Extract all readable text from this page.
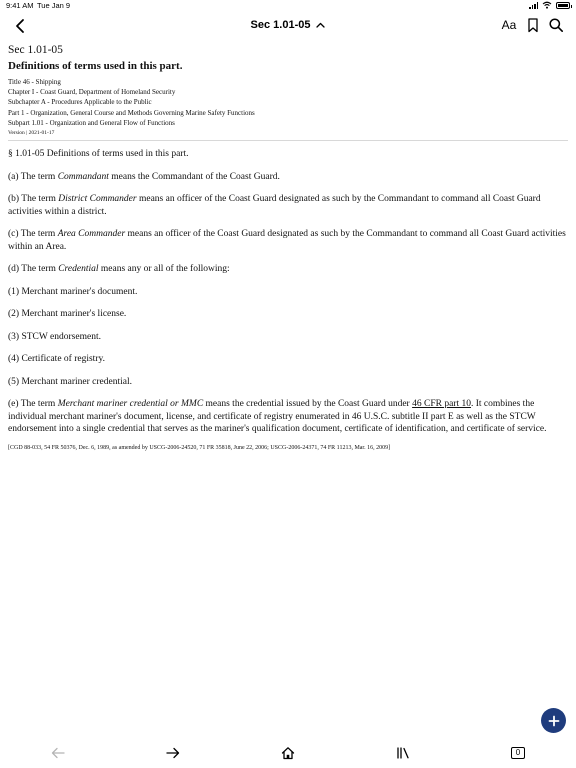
9:41 AM Tue Jan 9
Sec 1.01-05	Aa
Sec 1.01-05
Definitions of terms used in this part.
Title 46 - Shipping
Chapter I - Coast Guard, Department of Homeland Security
Subchapter A - Procedures Applicable to the Public
Part 1 - Organization, General Course and Methods Governing Marine Safety Functions
Subpart 1.01 - Organization and General Flow of Functions
Version | 2021-01-17

§ 1.01-05 Definitions of terms used in this part.

(a) The term Commandant means the Commandant of the Coast Guard.

(b) The term District Commander means an officer of the Coast Guard designated as such by the Commandant to command all Coast Guard activities within a district.

(c) The term Area Commander means an officer of the Coast Guard designated as such by the Commandant to command all Coast Guard activities within an Area.

(d) The term Credential means any or all of the following:

(1) Merchant mariner's document.

(2) Merchant mariner's license.

(3) STCW endorsement.

(4) Certificate of registry.

(5) Merchant mariner credential.

(e) The term Merchant mariner credential or MMC means the credential issued by the Coast Guard under 46 CFR part 10. It combines the individual merchant mariner's document, license, and certificate of registry enumerated in 46 U.S.C. subtitle II part E as well as the STCW endorsement into a single credential that serves as the mariner's qualification document, certificate of identification, and certificate of service.

[CGD 88-033, 54 FR 50376, Dec. 6, 1989, as amended by USCG-2006-24520, 71 FR 35818, June 22, 2006; USCG-2006-24371, 74 FR 11213, Mar. 16, 2009]

0
